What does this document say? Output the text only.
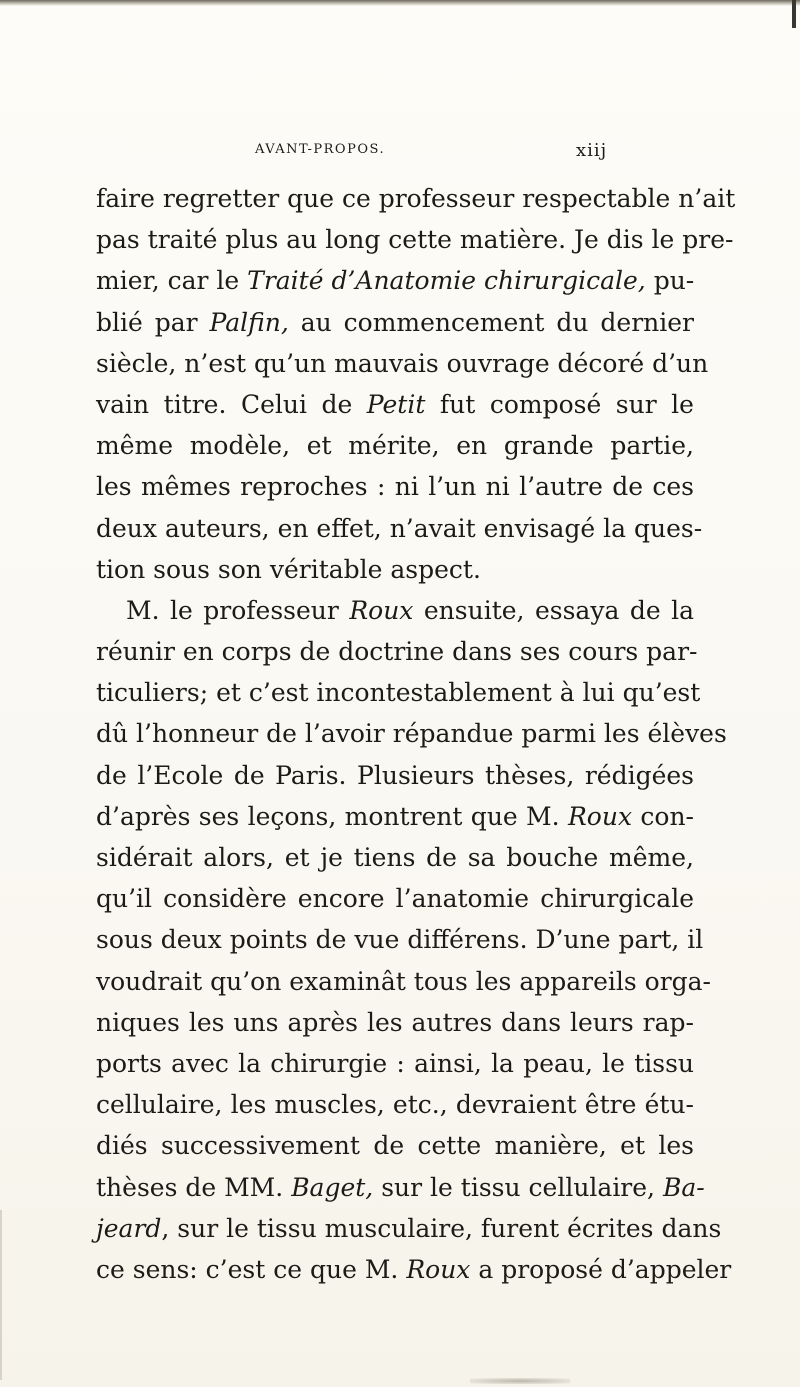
AVANT-PROPOS.	xiij
faire regretter que ce professeur respectable n’ait
pas traité plus au long cette matière. Je dis le pre-
mier, car le Traité d’Anatomie chirurgicale, pu-
blié par Palfin, au commencement du dernier
siècle, n’est qu’un mauvais ouvrage décoré d’un
vain titre. Celui de Petit fut composé sur le
même modèle, et mérite, en grande partie,
les mêmes reproches : ni l’un ni l’autre de ces
deux auteurs, en effet, n’avait envisagé la ques-
tion sous son véritable aspect.
M. le professeur Roux ensuite, essaya de la
réunir en corps de doctrine dans ses cours par-
ticuliers; et c’est incontestablement à lui qu’est
dû l’honneur de l’avoir répandue parmi les élèves
de l’Ecole de Paris. Plusieurs thèses, rédigées
d’après ses leçons, montrent que M. Roux con-
sidérait alors, et je tiens de sa bouche même,
qu’il considère encore l’anatomie chirurgicale
sous deux points de vue différens. D’une part, il
voudrait qu’on examinât tous les appareils orga-
niques les uns après les autres dans leurs rap-
ports avec la chirurgie : ainsi, la peau, le tissu
cellulaire, les muscles, etc., devraient être étu-
diés successivement de cette manière, et les
thèses de MM. Baget, sur le tissu cellulaire, Ba-
jeard, sur le tissu musculaire, furent écrites dans
ce sens: c’est ce que M. Roux a proposé d’appeler
